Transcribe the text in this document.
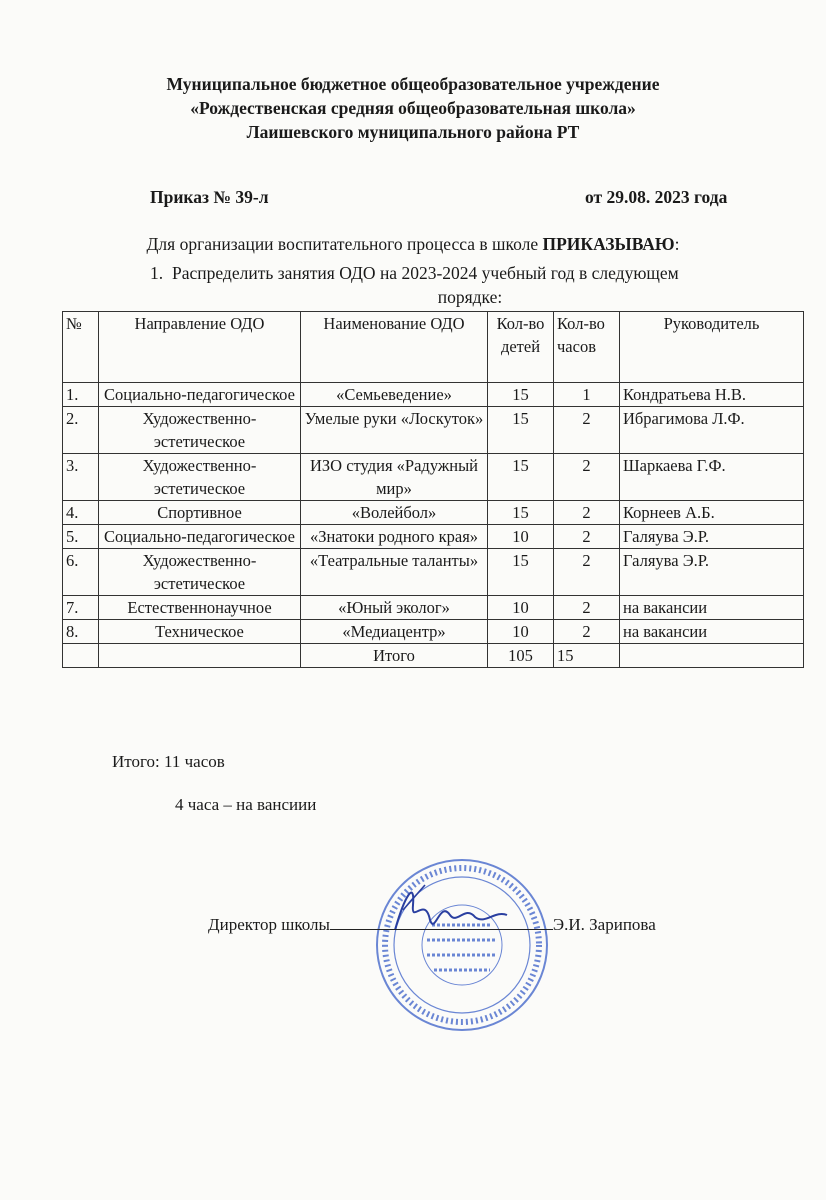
Муниципальное бюджетное общеобразовательное учреждение
«Рождественская средняя общеобразовательная школа»
Лаишевского муниципального района РТ
Приказ № 39-л	от 29.08. 2023 года
Для организации воспитательного процесса в школе ПРИКАЗЫВАЮ:
1. Распределить занятия ОДО на 2023-2024 учебный год в следующем
порядке:
№	Направление ОДО	Наименование ОДО	Кол-во детей	Кол-во часов	Руководитель
1.	Социально-педагогическое	«Семьеведение»	15	1	Кондратьева Н.В.
2.	Художественно-эстетическое	Умелые руки «Лоскуток»	15	2	Ибрагимова Л.Ф.
3.	Художественно-эстетическое	ИЗО студия «Радужный мир»	15	2	Шаркаева Г.Ф.
4.	Спортивное	«Волейбол»	15	2	Корнеев А.Б.
5.	Социально-педагогическое	«Знатоки родного края»	10	2	Галяува Э.Р.
6.	Художественно-эстетическое	«Театральные таланты»	15	2	Галяува Э.Р.
7.	Естественнонаучное	«Юный эколог»	10	2	на вакансии
8.	Техническое	«Медиацентр»	10	2	на вакансии
		Итого	105	15	
Итого: 11 часов
4 часа – на вансиии
Директор школы	Э.И. Зарипова
